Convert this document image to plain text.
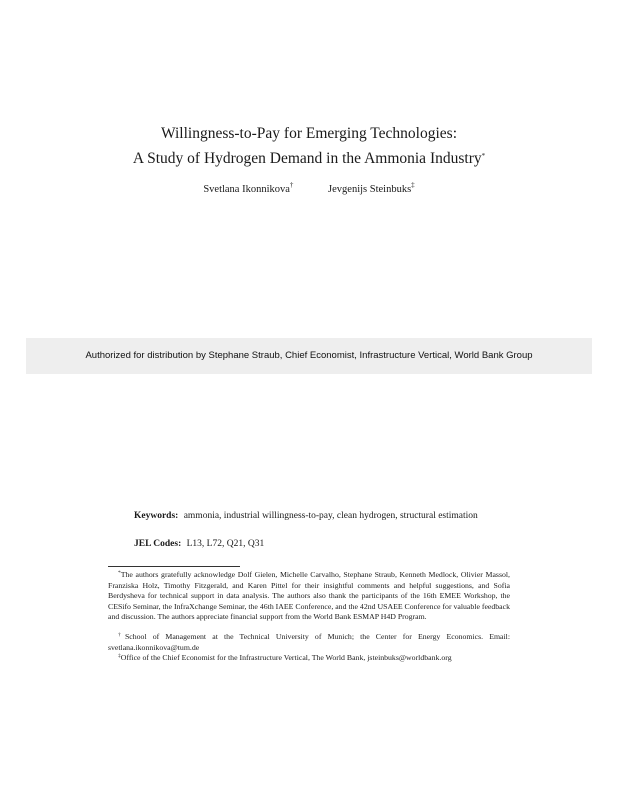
Willingness-to-Pay for Emerging Technologies:
A Study of Hydrogen Demand in the Ammonia Industry*
Svetlana Ikonnikova†	Jevgenijs Steinbuks‡
Authorized for distribution by Stephane Straub, Chief Economist, Infrastructure Vertical, World Bank Group
Keywords: ammonia, industrial willingness-to-pay, clean hydrogen, structural estimation
JEL Codes: L13, L72, Q21, Q31
*The authors gratefully acknowledge Dolf Gielen, Michelle Carvalho, Stephane Straub, Kenneth Medlock, Olivier Massol, Franziska Holz, Timothy Fitzgerald, and Karen Pittel for their insightful comments and helpful suggestions, and Sofia Berdysheva for technical support in data analysis. The authors also thank the participants of the 16th EMEE Workshop, the CESifo Seminar, the InfraXchange Seminar, the 46th IAEE Conference, and the 42nd USAEE Conference for valuable feedback and discussion. The authors appreciate financial support from the World Bank ESMAP H4D Program.
†School of Management at the Technical University of Munich; the Center for Energy Economics. Email: svetlana.ikonnikova@tum.de
‡Office of the Chief Economist for the Infrastructure Vertical, The World Bank, jsteinbuks@worldbank.org
